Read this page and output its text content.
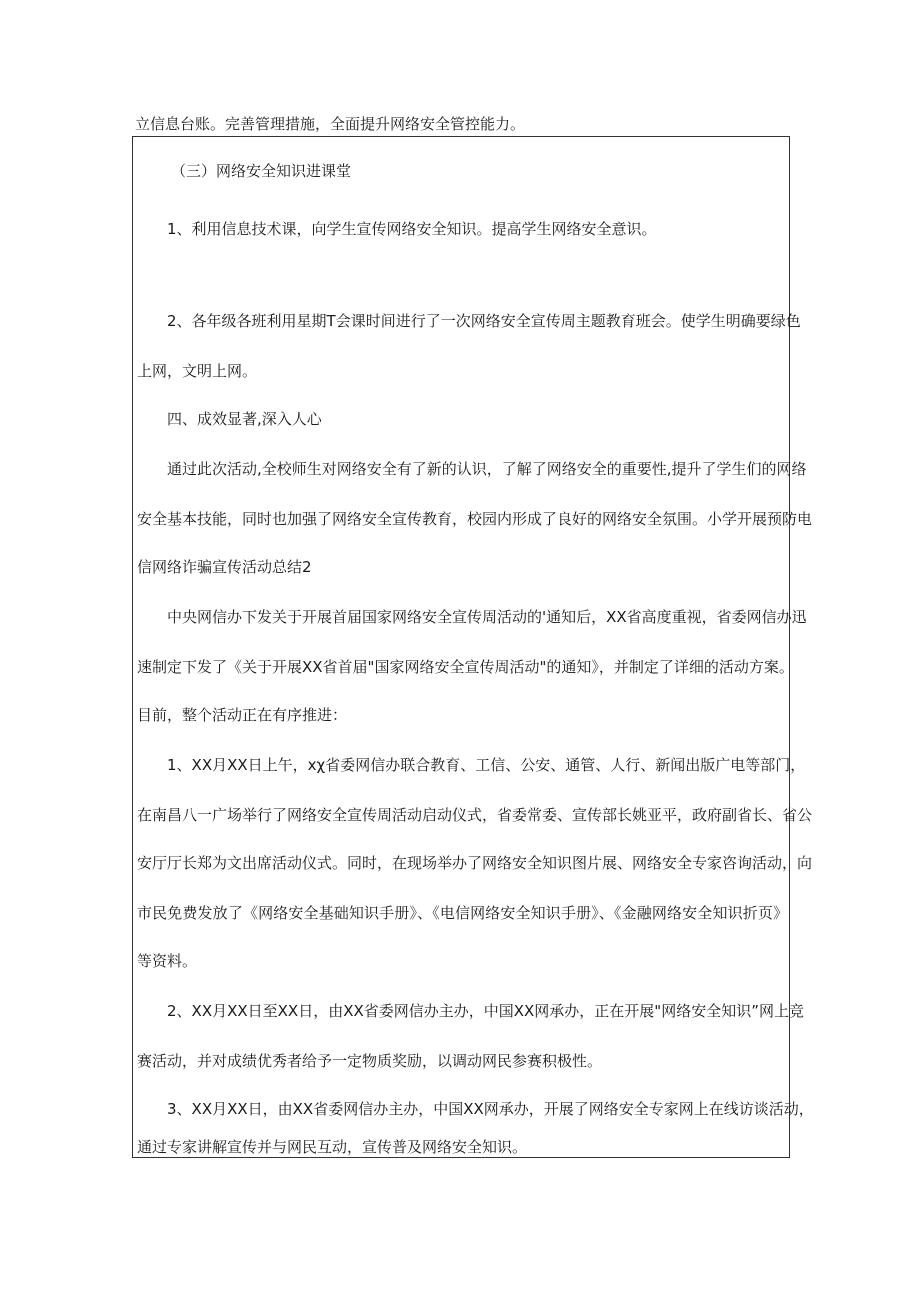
立信息台账。完善管理措施，全面提升网络安全管控能力。
（三）网络安全知识进课堂
1、利用信息技术课，向学生宣传网络安全知识。提高学生网络安全意识。
2、各年级各班利用星期T会课时间进行了一次网络安全宣传周主题教育班会。使学生明确要绿色
上网，文明上网。
四、成效显著,深入人心
通过此次活动,全校师生对网络安全有了新的认识，了解了网络安全的重要性,提升了学生们的网络
安全基本技能，同时也加强了网络安全宣传教育，校园内形成了良好的网络安全氛围。小学开展预防电
信网络诈骗宣传活动总结2
中央网信办下发关于开展首届国家网络安全宣传周活动的'通知后，XX省高度重视，省委网信办迅
速制定下发了《关于开展XX省首届"国家网络安全宣传周活动"的通知》，并制定了详细的活动方案。
目前，整个活动正在有序推进：
1、XX月XX日上午，xχ省委网信办联合教育、工信、公安、通管、人行、新闻出版广电等部门，
在南昌八一广场举行了网络安全宣传周活动启动仪式，省委常委、宣传部长姚亚平，政府副省长、省公
安厅厅长郑为文出席活动仪式。同时，在现场举办了网络安全知识图片展、网络安全专家咨询活动，向
市民免费发放了《网络安全基础知识手册》、《电信网络安全知识手册》、《金融网络安全知识折页》
等资料。
2、XX月XX日至XX日，由XX省委网信办主办，中国XX网承办，正在开展"网络安全知识”网上竞
赛活动，并对成绩优秀者给予一定物质奖励，以调动网民参赛积极性。
3、XX月XX日，由XX省委网信办主办，中国XX网承办，开展了网络安全专家网上在线访谈活动，
通过专家讲解宣传并与网民互动，宣传普及网络安全知识。
